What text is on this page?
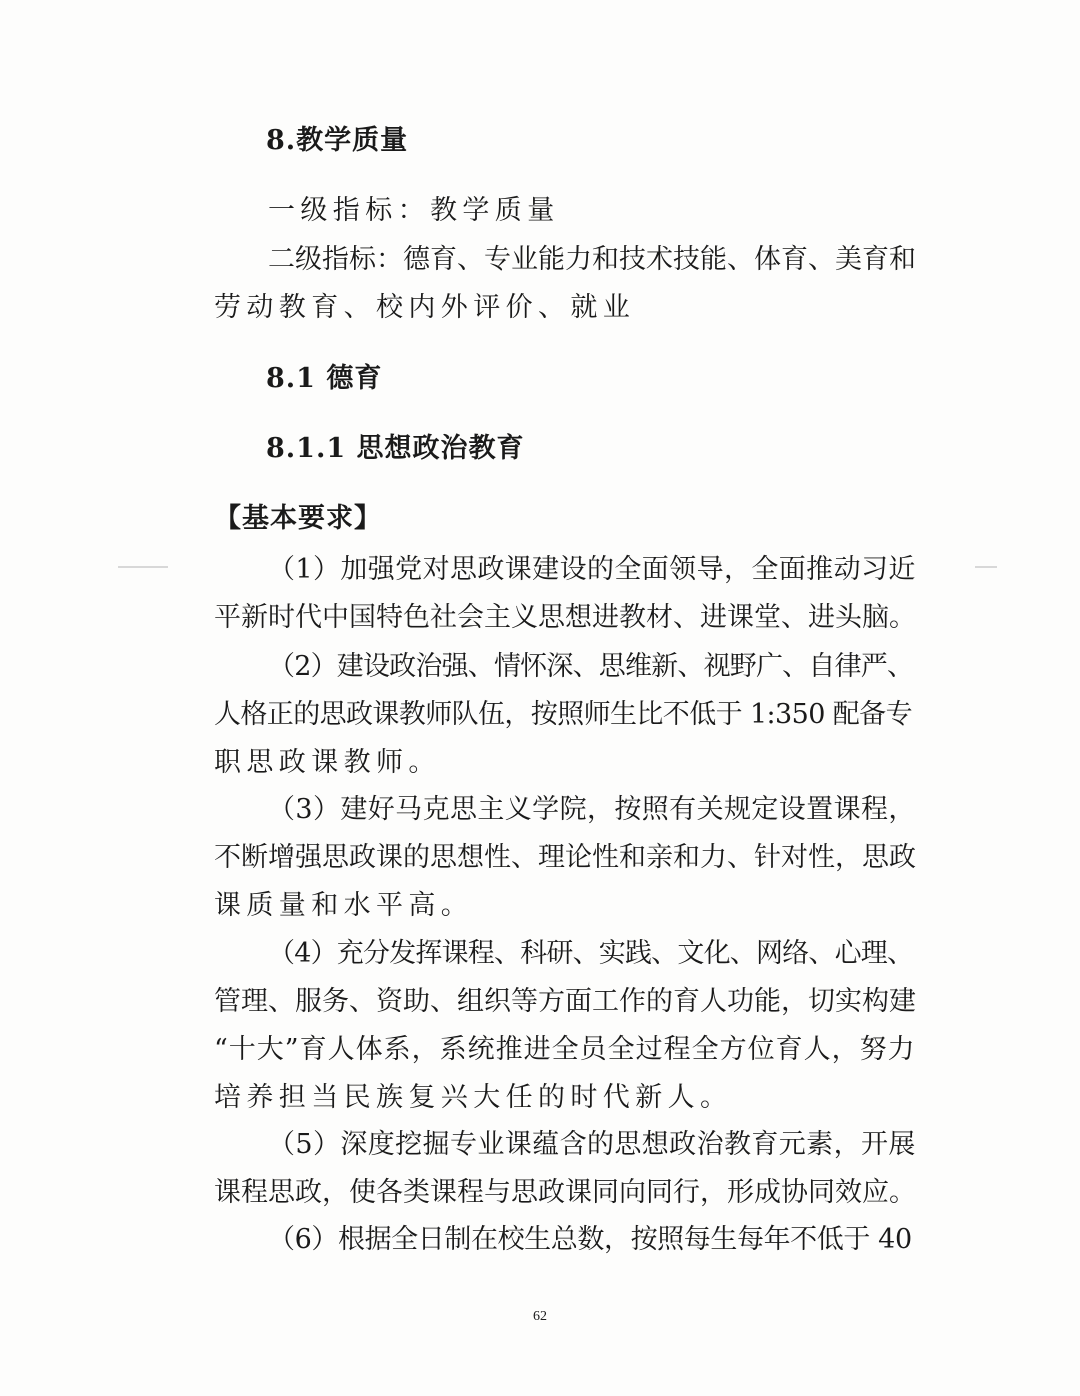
8.教学质量
一级指标：教学质量
二级指标：德育、专业能力和技术技能、体育、美育和
劳动教育、校内外评价、就业
8.1 德育
8.1.1 思想政治教育
【基本要求】
（1）加强党对思政课建设的全面领导，全面推动习近
平新时代中国特色社会主义思想进教材、进课堂、进头脑。
（2）建设政治强、情怀深、思维新、视野广、自律严、
人格正的思政课教师队伍，按照师生比不低于 1:350 配备专
职思政课教师。
（3）建好马克思主义学院，按照有关规定设置课程，
不断增强思政课的思想性、理论性和亲和力、针对性，思政
课质量和水平高。
（4）充分发挥课程、科研、实践、文化、网络、心理、
管理、服务、资助、组织等方面工作的育人功能，切实构建
“十大”育人体系，系统推进全员全过程全方位育人，努力
培养担当民族复兴大任的时代新人。
（5）深度挖掘专业课蕴含的思想政治教育元素，开展
课程思政，使各类课程与思政课同向同行，形成协同效应。
（6）根据全日制在校生总数，按照每生每年不低于 40
62
